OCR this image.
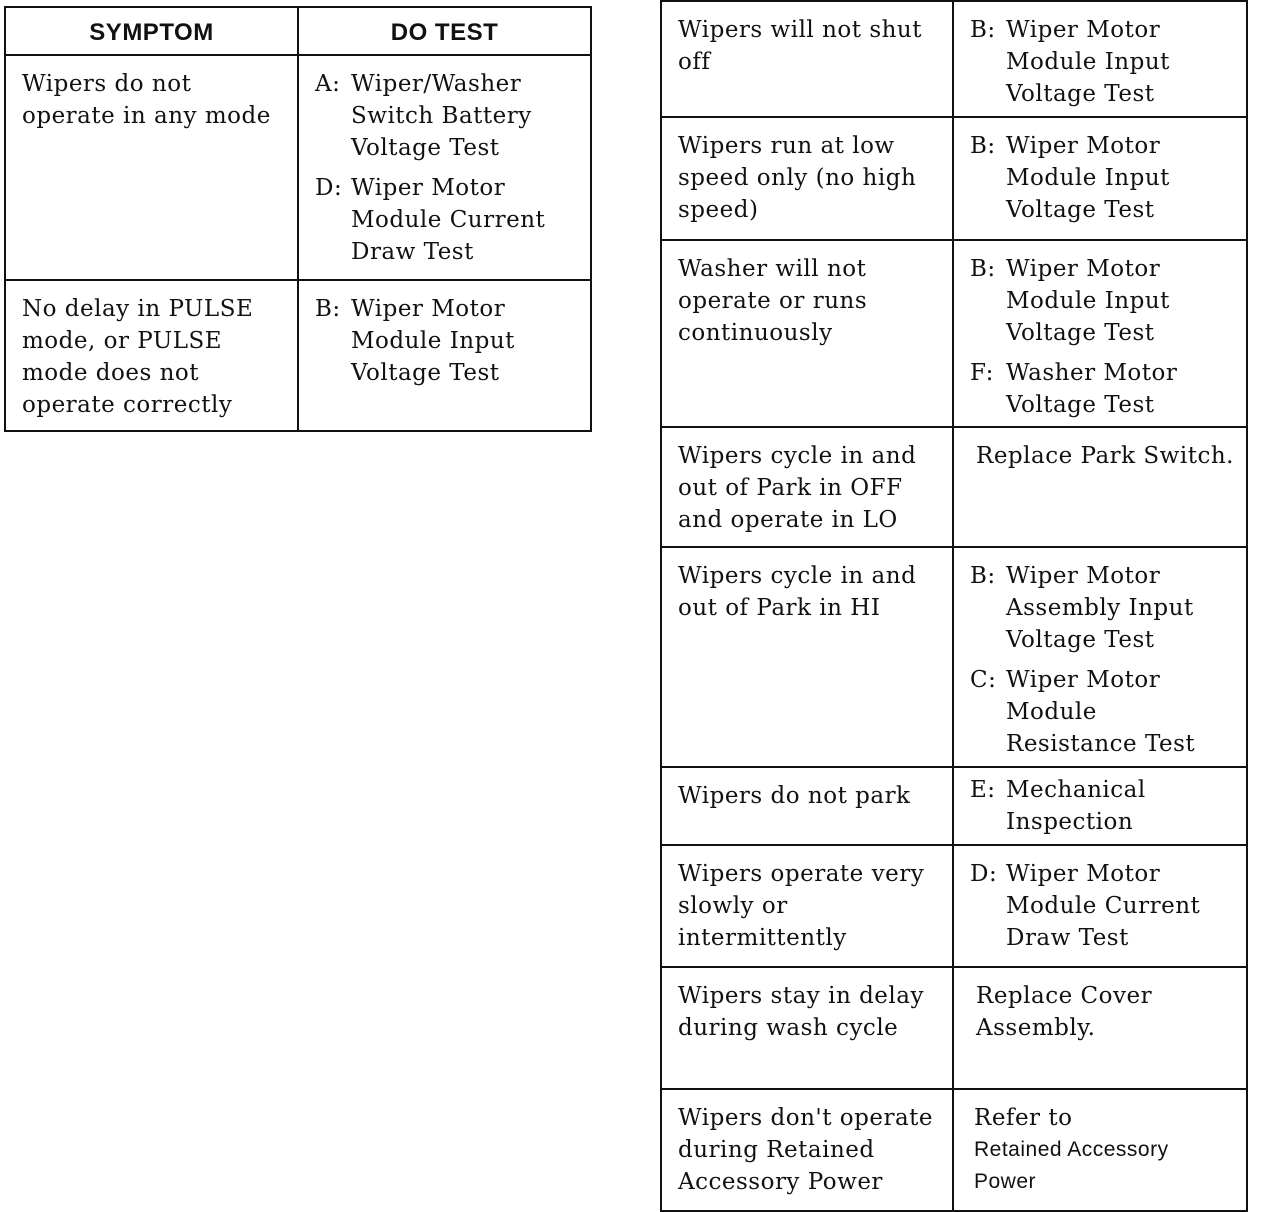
SYMPTOM	DO TEST
Wipers do not operate in any mode
A: Wiper/Washer Switch Battery Voltage Test
D: Wiper Motor Module Current Draw Test
No delay in PULSE mode, or PULSE mode does not operate correctly
B: Wiper Motor Module Input Voltage Test
Wipers will not shut off
B: Wiper Motor Module Input Voltage Test
Wipers run at low speed only (no high speed)
B: Wiper Motor Module Input Voltage Test
Washer will not operate or runs continuously
B: Wiper Motor Module Input Voltage Test
F: Washer Motor Voltage Test
Wipers cycle in and out of Park in OFF and operate in LO
Replace Park Switch.
Wipers cycle in and out of Park in HI
B: Wiper Motor Assembly Input Voltage Test
C: Wiper Motor Module Resistance Test
Wipers do not park	E: Mechanical Inspection
Wipers operate very slowly or intermittently
D: Wiper Motor Module Current Draw Test
Wipers stay in delay during wash cycle
Replace Cover Assembly.
Wipers don't operate during Retained Accessory Power
Refer to
Retained Accessory Power
